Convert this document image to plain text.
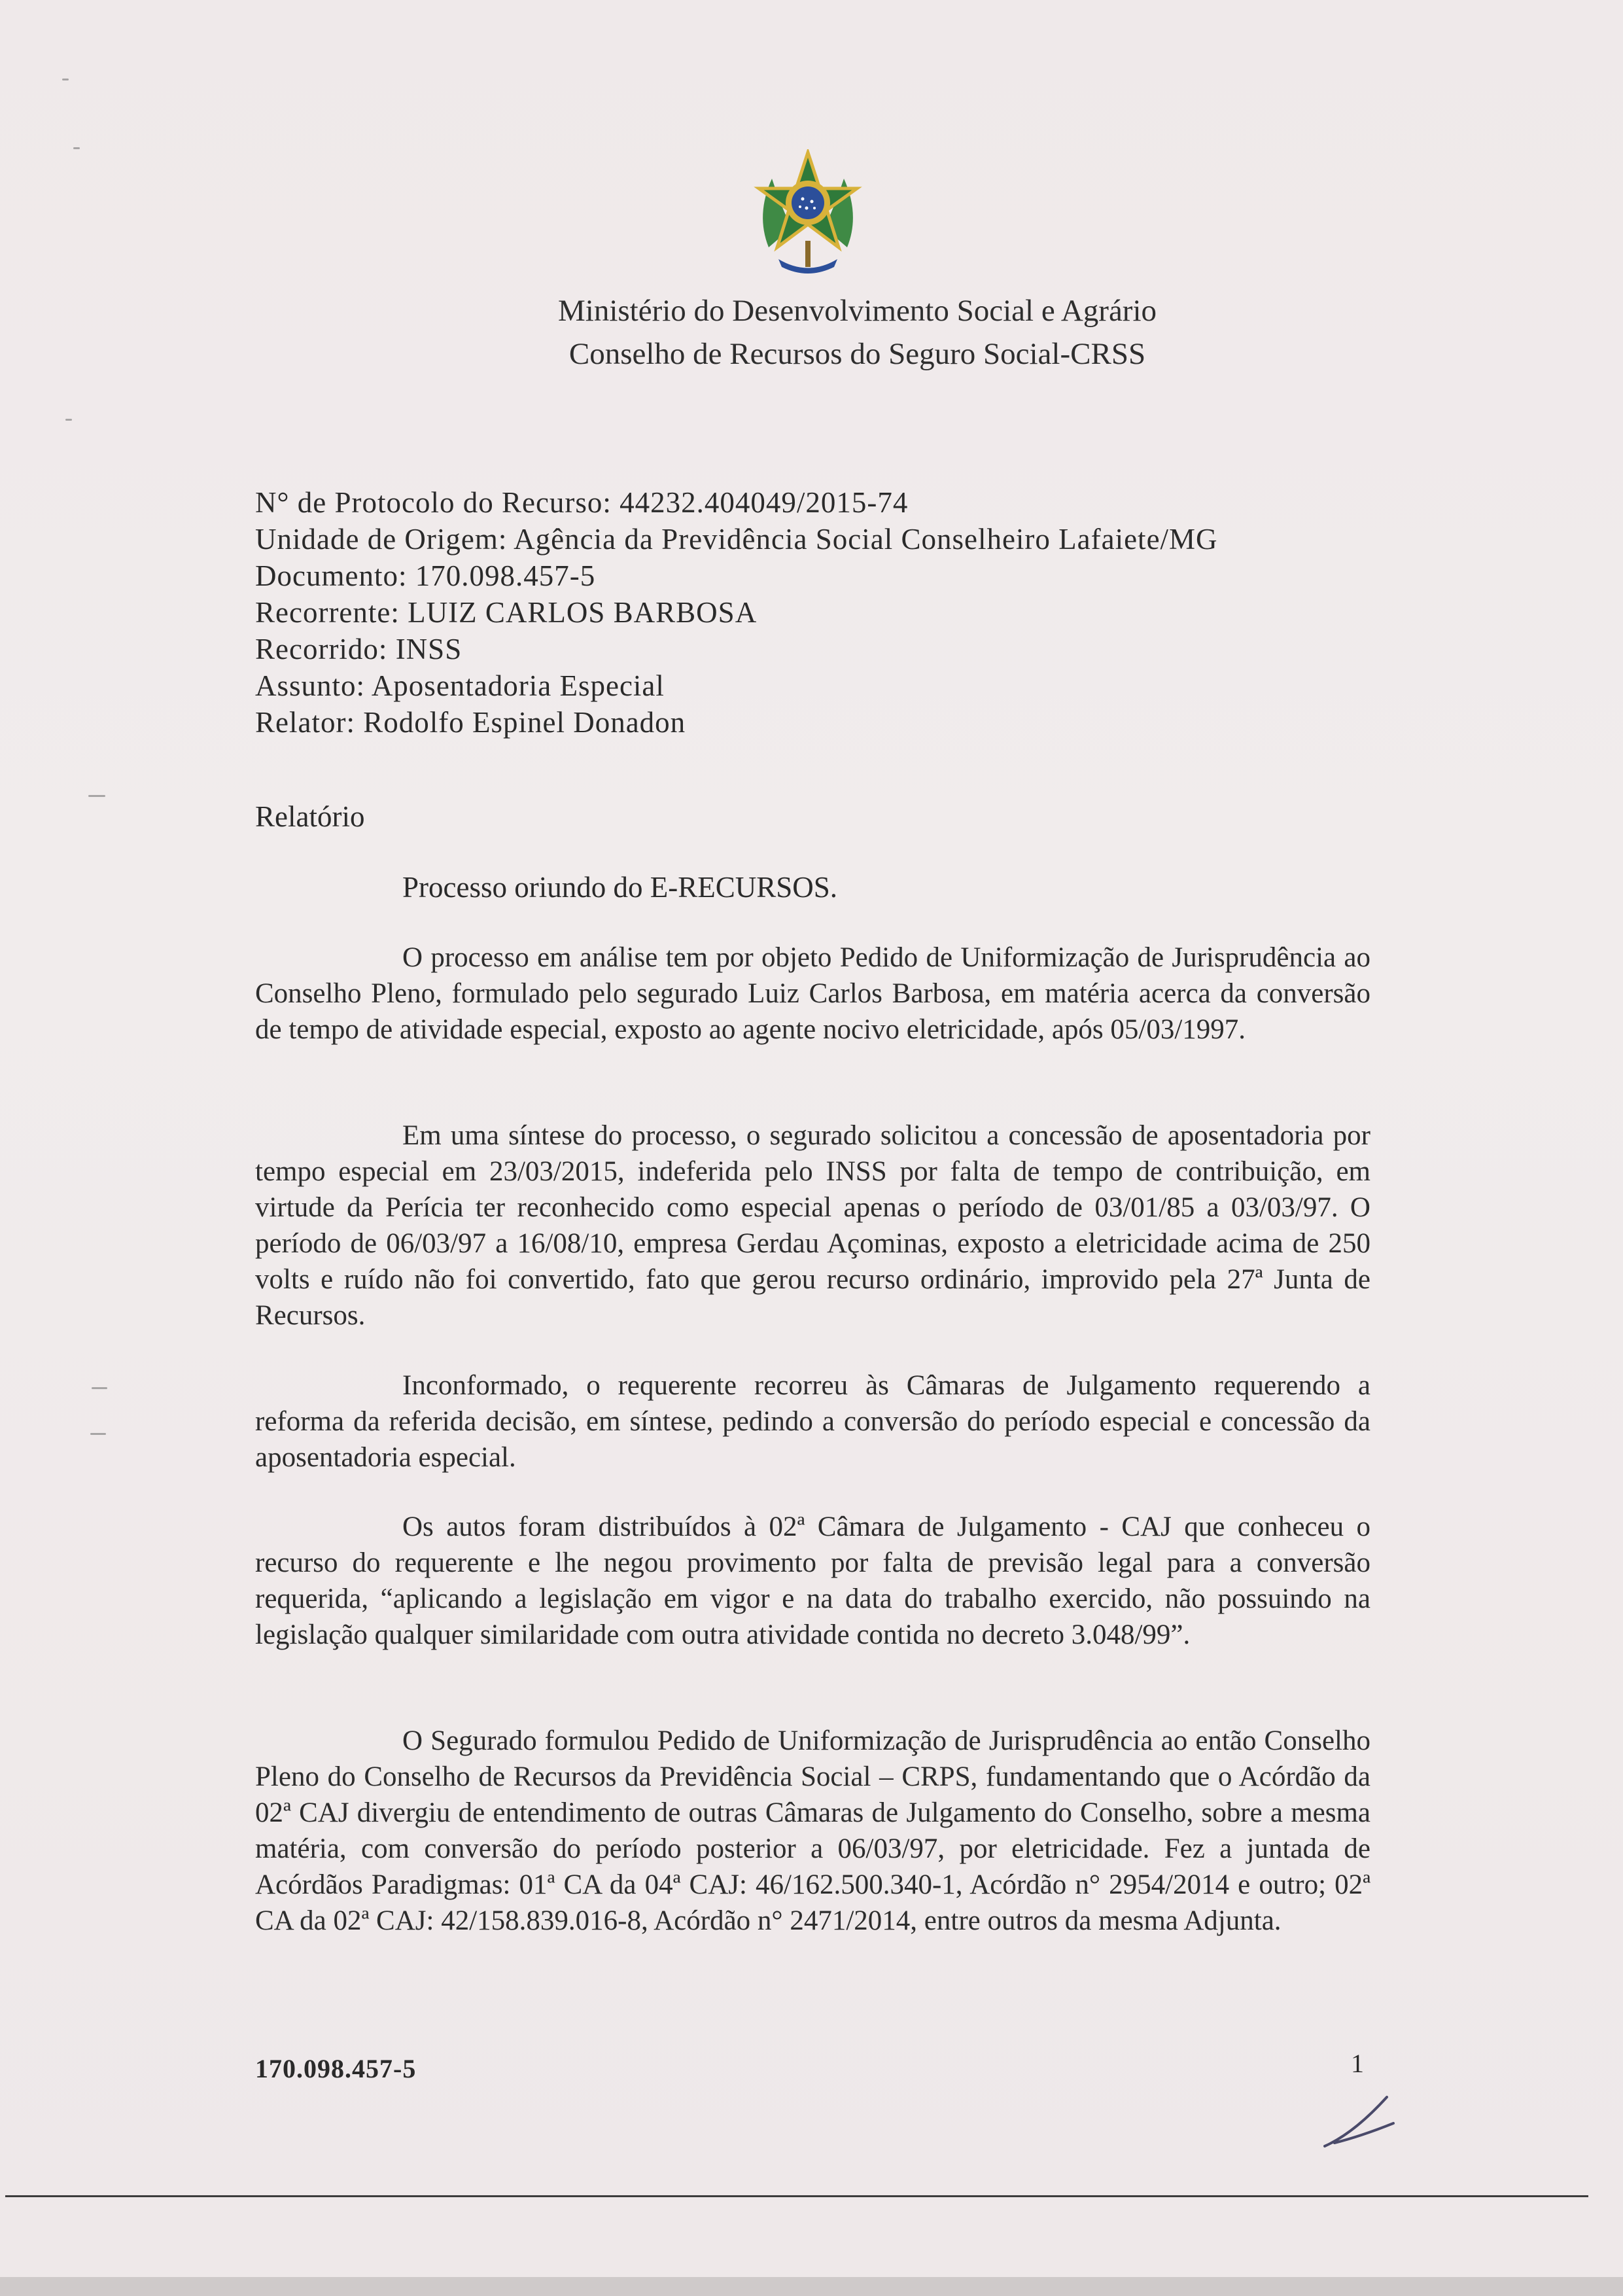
Ministério do Desenvolvimento Social e Agrário
Conselho de Recursos do Seguro Social-CRSS
N° de Protocolo do Recurso: 44232.404049/2015-74
Unidade de Origem: Agência da Previdência Social Conselheiro Lafaiete/MG
Documento: 170.098.457-5
Recorrente: LUIZ CARLOS BARBOSA
Recorrido: INSS
Assunto: Aposentadoria Especial
Relator: Rodolfo Espinel Donadon
Relatório
Processo oriundo do E-RECURSOS.

O processo em análise tem por objeto Pedido de Uniformização de Jurisprudência ao Conselho Pleno, formulado pelo segurado Luiz Carlos Barbosa, em matéria acerca da conversão de tempo de atividade especial, exposto ao agente nocivo eletricidade, após 05/03/1997.

Em uma síntese do processo, o segurado solicitou a concessão de aposentadoria por tempo especial em 23/03/2015, indeferida pelo INSS por falta de tempo de contribuição, em virtude da Perícia ter reconhecido como especial apenas o período de 03/01/85 a 03/03/97. O período de 06/03/97 a 16/08/10, empresa Gerdau Açominas, exposto a eletricidade acima de 250 volts e ruído não foi convertido, fato que gerou recurso ordinário, improvido pela 27ª Junta de Recursos.

Inconformado, o requerente recorreu às Câmaras de Julgamento requerendo a reforma da referida decisão, em síntese, pedindo a conversão do período especial e concessão da aposentadoria especial.

Os autos foram distribuídos à 02ª Câmara de Julgamento - CAJ que conheceu o recurso do requerente e lhe negou provimento por falta de previsão legal para a conversão requerida, “aplicando a legislação em vigor e na data do trabalho exercido, não possuindo na legislação qualquer similaridade com outra atividade contida no decreto 3.048/99”.

O Segurado formulou Pedido de Uniformização de Jurisprudência ao então Conselho Pleno do Conselho de Recursos da Previdência Social – CRPS, fundamentando que o Acórdão da 02ª CAJ divergiu de entendimento de outras Câmaras de Julgamento do Conselho, sobre a mesma matéria, com conversão do período posterior a 06/03/97, por eletricidade. Fez a juntada de Acórdãos Paradigmas: 01ª CA da 04ª CAJ: 46/162.500.340-1, Acórdão n° 2954/2014 e outro; 02ª CA da 02ª CAJ: 42/158.839.016-8, Acórdão n° 2471/2014, entre outros da mesma Adjunta.

170.098.457-5	1
